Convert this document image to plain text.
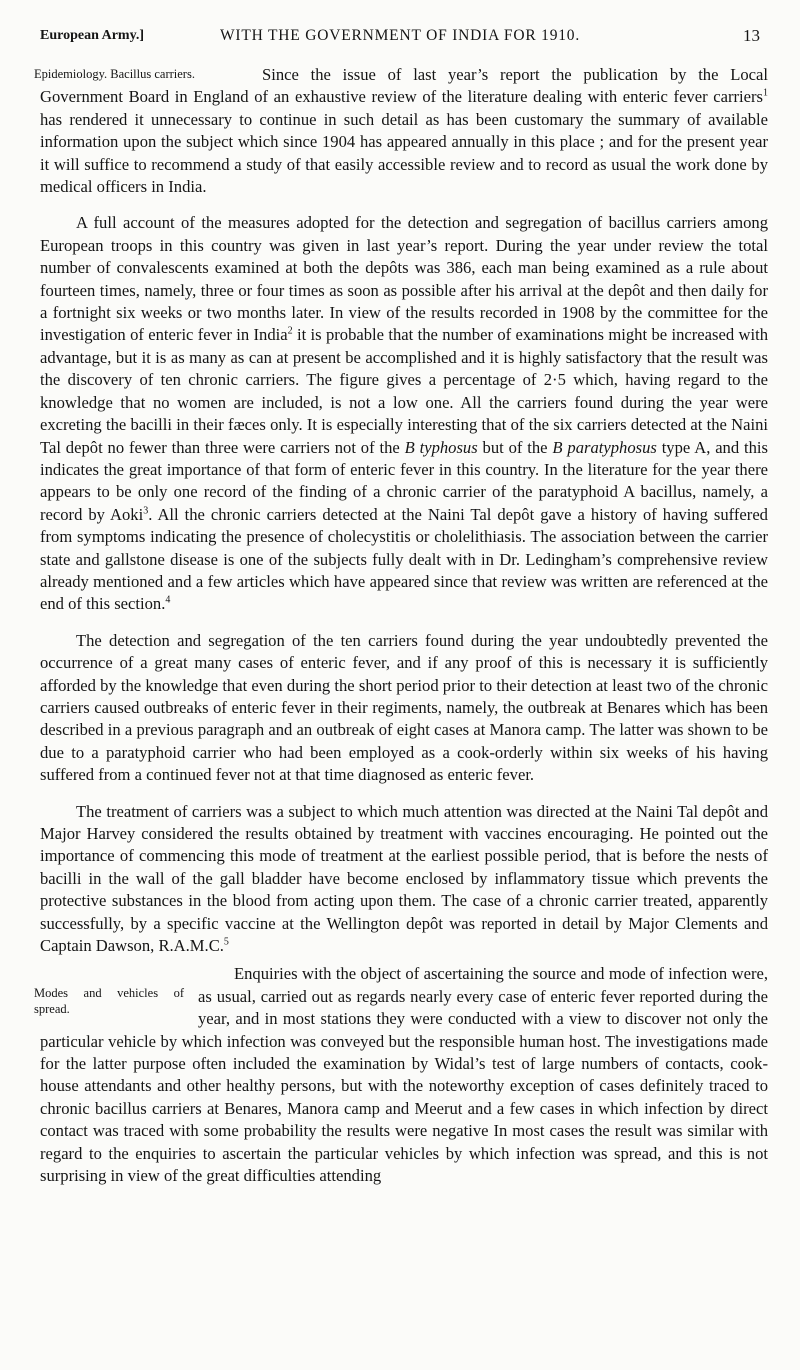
European Army.]	WITH THE GOVERNMENT OF INDIA FOR 1910.	13

Epidemiology. Bacillus carriers.	Since the issue of last year’s report the publication by the Local Government Board in England of an exhaustive review of the literature dealing with enteric fever carriers$^1$ has rendered it unnecessary to continue in such detail as has been customary the summary of available information upon the subject which since 1904 has appeared annually in this place ; and for the present year it will suffice to recommend a study of that easily accessible review and to record as usual the work done by medical officers in India.

A full account of the measures adopted for the detection and segregation of bacillus carriers among European troops in this country was given in last year’s report. During the year under review the total number of convalescents examined at both the depôts was 386, each man being examined as a rule about fourteen times, namely, three or four times as soon as possible after his arrival at the depôt and then daily for a fortnight six weeks or two months later. In view of the results recorded in 1908 by the committee for the investigation of enteric fever in India$^2$ it is probable that the number of examinations might be increased with advantage, but it is as many as can at present be accomplished and it is highly satisfactory that the result was the discovery of ten chronic carriers. The figure gives a percentage of 2·5 which, having regard to the knowledge that no women are included, is not a low one. All the carriers found during the year were excreting the bacilli in their fæces only. It is especially interesting that of the six carriers detected at the Naini Tal depôt no fewer than three were carriers not of the B typhosus but of the B paratyphosus type A, and this indicates the great importance of that form of enteric fever in this country. In the literature for the year there appears to be only one record of the finding of a chronic carrier of the paratyphoid A bacillus, namely, a record by Aoki$^3$. All the chronic carriers detected at the Naini Tal depôt gave a history of having suffered from symptoms indicating the presence of cholecystitis or cholelithiasis. The association between the carrier state and gallstone disease is one of the subjects fully dealt with in Dr. Ledingham’s comprehensive review already mentioned and a few articles which have appeared since that review was written are referenced at the end of this section.$^4$

The detection and segregation of the ten carriers found during the year undoubtedly prevented the occurrence of a great many cases of enteric fever, and if any proof of this is necessary it is sufficiently afforded by the knowledge that even during the short period prior to their detection at least two of the chronic carriers caused outbreaks of enteric fever in their regiments, namely, the outbreak at Benares which has been described in a previous paragraph and an outbreak of eight cases at Manora camp. The latter was shown to be due to a paratyphoid carrier who had been employed as a cook-orderly within six weeks of his having suffered from a continued fever not at that time diagnosed as enteric fever.

The treatment of carriers was a subject to which much attention was directed at the Naini Tal depôt and Major Harvey considered the results obtained by treatment with vaccines encouraging. He pointed out the importance of commencing this mode of treatment at the earliest possible period, that is before the nests of bacilli in the wall of the gall bladder have become enclosed by inflammatory tissue which prevents the protective substances in the blood from acting upon them. The case of a chronic carrier treated, apparently successfully, by a specific vaccine at the Wellington depôt was reported in detail by Major Clements and Captain Dawson, R.A.M.C.$^5$

Modes and vehicles of spread.
Enquiries with the object of ascertaining the source and mode of infection were, as usual, carried out as regards nearly every case of enteric fever reported during the year, and in most stations they were conducted with a view to discover not only the particular vehicle by which infection was conveyed but the responsible human host. The investigations made for the latter purpose often included the examination by Widal’s test of large numbers of contacts, cook-house attendants and other healthy persons, but with the noteworthy exception of cases definitely traced to chronic bacillus carriers at Benares, Manora camp and Meerut and a few cases in which infection by direct contact was traced with some probability the results were negative In most cases the result was similar with regard to the enquiries to ascertain the particular vehicles by which infection was spread, and this is not surprising in view of the great difficulties attending
